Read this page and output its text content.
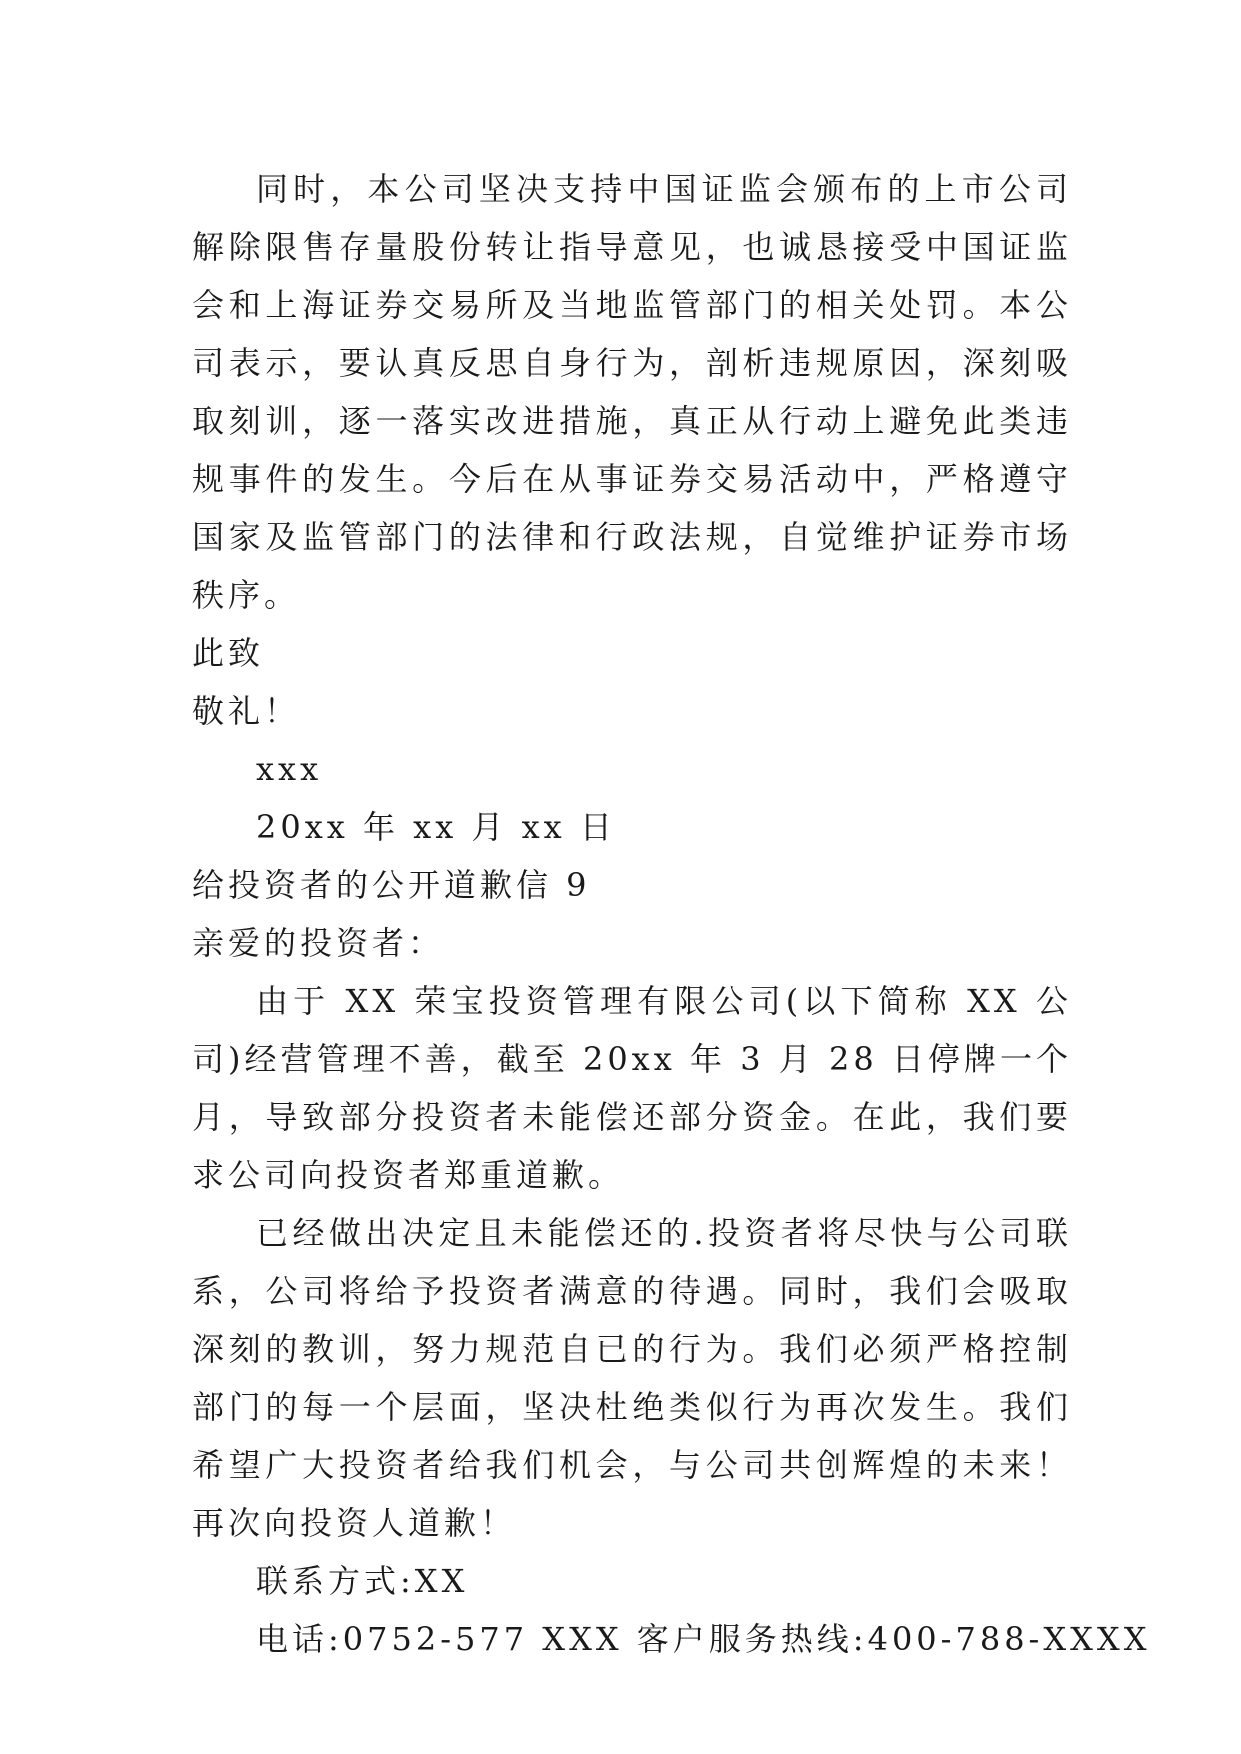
同时，本公司坚决支持中国证监会颁布的上市公司解除限售存量股份转让指导意见，也诚恳接受中国证监会和上海证券交易所及当地监管部门的相关处罚。本公司表示，要认真反思自身行为，剖析违规原因，深刻吸取刻训，逐一落实改进措施，真正从行动上避免此类违规事件的发生。今后在从事证券交易活动中，严格遵守国家及监管部门的法律和行政法规，自觉维护证券市场秩序。

此致

敬礼！

xxx

20xx 年 xx 月 xx 日

给投资者的公开道歉信 9

亲爱的投资者：

由于 XX 荣宝投资管理有限公司(以下简称 XX 公司)经营管理不善，截至 20xx 年 3 月 28 日停牌一个月，导致部分投资者未能偿还部分资金。在此，我们要求公司向投资者郑重道歉。

已经做出决定且未能偿还的.投资者将尽快与公司联系，公司将给予投资者满意的待遇。同时，我们会吸取深刻的教训，努力规范自已的行为。我们必须严格控制部门的每一个层面，坚决杜绝类似行为再次发生。我们希望广大投资者给我们机会，与公司共创辉煌的未来！再次向投资人道歉！

联系方式:XX

电话:0752-577 XXX 客户服务热线:400-788-XXXX
